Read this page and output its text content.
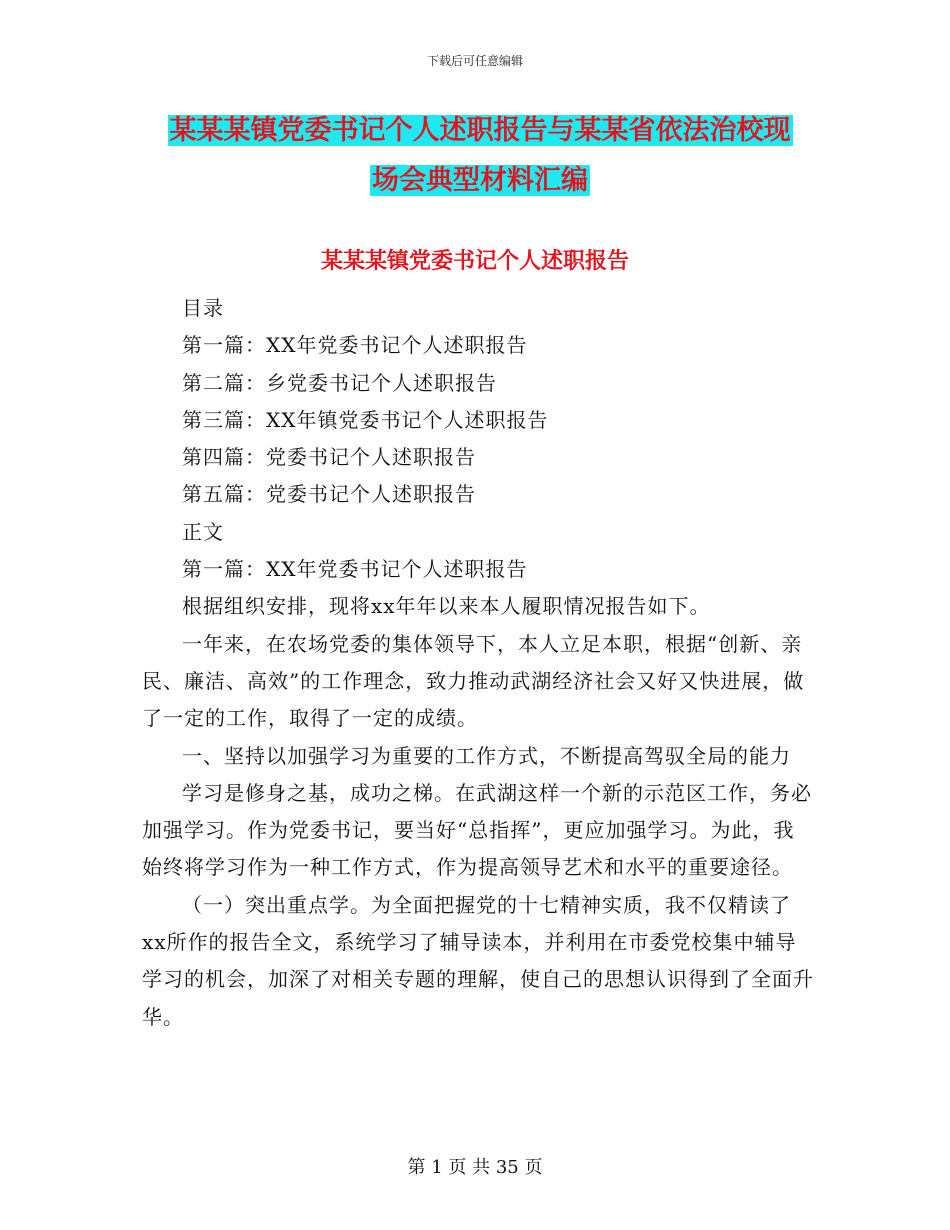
下载后可任意编辑
某某某镇党委书记个人述职报告与某某省依法治校现
场会典型材料汇编
某某某镇党委书记个人述职报告

目录

第一篇：XX年党委书记个人述职报告

第二篇：乡党委书记个人述职报告

第三篇：XX年镇党委书记个人述职报告

第四篇：党委书记个人述职报告

第五篇：党委书记个人述职报告

正文

第一篇：XX年党委书记个人述职报告

根据组织安排，现将xx年年以来本人履职情况报告如下。

一年来，在农场党委的集体领导下，本人立足本职，根据“创新、亲民、廉洁、高效”的工作理念，致力推动武湖经济社会又好又快进展，做了一定的工作，取得了一定的成绩。

一、坚持以加强学习为重要的工作方式，不断提高驾驭全局的能力

学习是修身之基，成功之梯。在武湖这样一个新的示范区工作，务必加强学习。作为党委书记，要当好“总指挥”，更应加强学习。为此，我始终将学习作为一种工作方式，作为提高领导艺术和水平的重要途径。

（一）突出重点学。为全面把握党的十七精神实质，我不仅精读了xx所作的报告全文，系统学习了辅导读本，并利用在市委党校集中辅导学习的机会，加深了对相关专题的理解，使自己的思想认识得到了全面升华。

第 1 页 共 35 页
